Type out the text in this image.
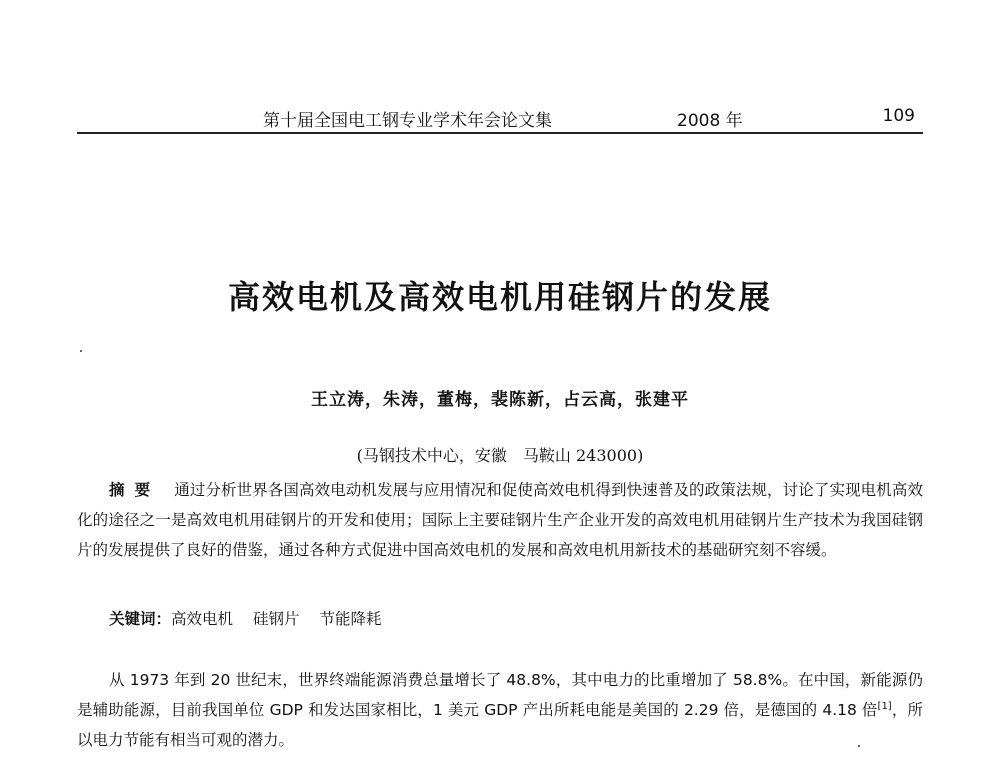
第十届全国电工钢专业学术年会论文集	2008 年	109
高效电机及高效电机用硅钢片的发展
王立涛，朱涛，董梅，裴陈新，占云高，张建平
(马钢技术中心，安徽　马鞍山 243000)
摘要 通过分析世界各国高效电动机发展与应用情况和促使高效电机得到快速普及的政策法规，讨论了实现电机高效化的途径之一是高效电机用硅钢片的开发和使用；国际上主要硅钢片生产企业开发的高效电机用硅钢片生产技术为我国硅钢片的发展提供了良好的借鉴，通过各种方式促进中国高效电机的发展和高效电机用新技术的基础研究刻不容缓。
关键词：高效电机 硅钢片 节能降耗
从 1973 年到 20 世纪末，世界终端能源消费总量增长了 48.8%，其中电力的比重增加了 58.8%。在中国，新能源仍是辅助能源，目前我国单位 GDP 和发达国家相比，1 美元 GDP 产出所耗电能是美国的 2.29 倍，是德国的 4.18 倍[1]，所以电力节能有相当可观的潜力。
